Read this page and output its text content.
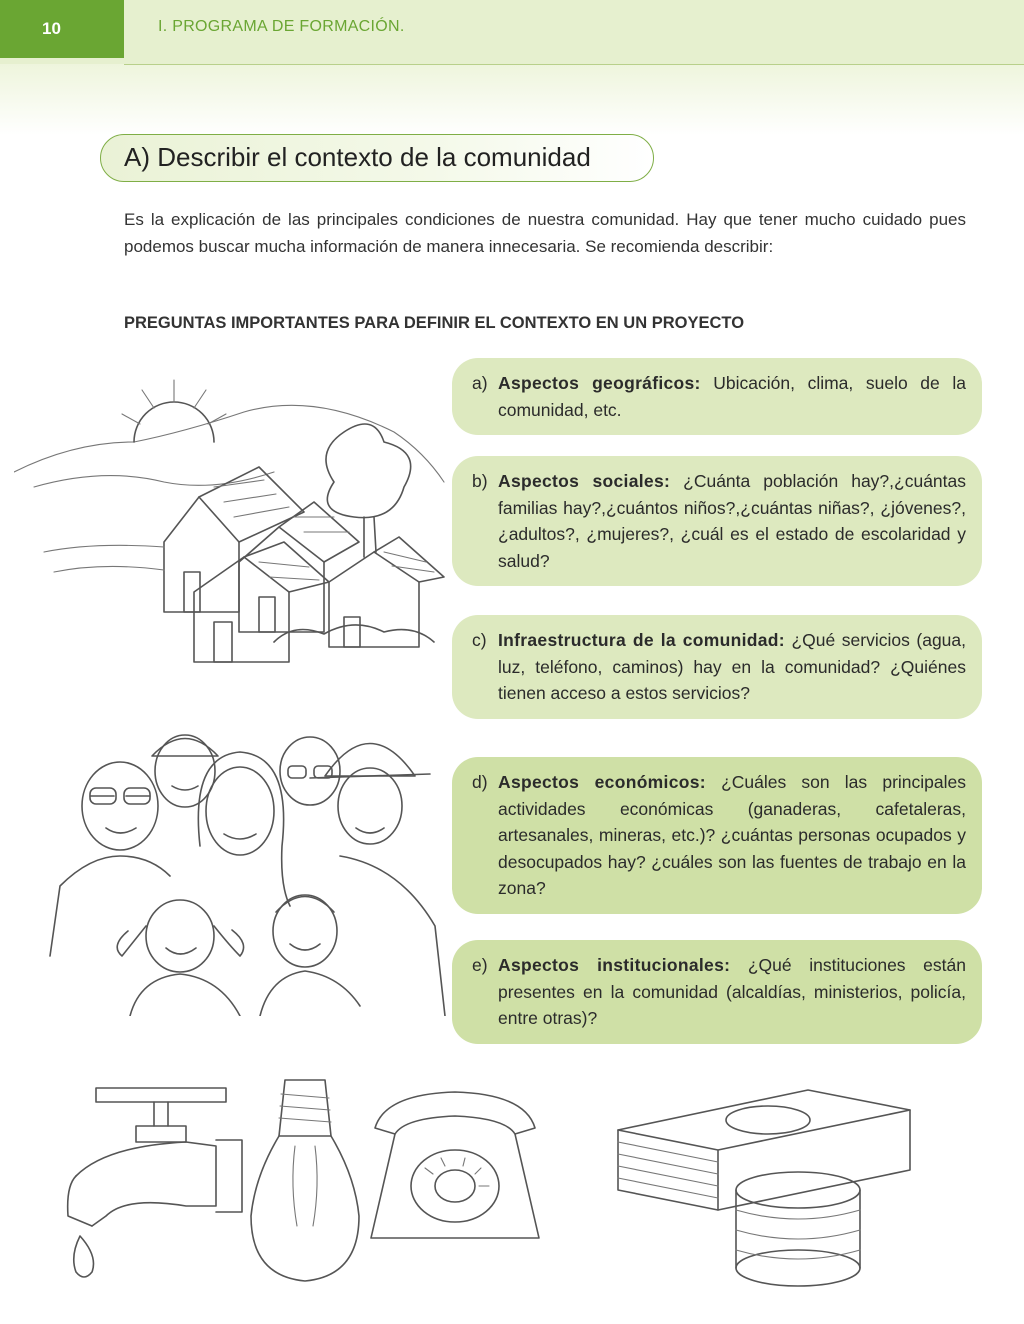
10	I. PROGRAMA DE FORMACIÓN.
A) Describir el contexto de la comunidad
Es la explicación de las principales condiciones de nuestra comunidad. Hay que tener mucho cuidado pues podemos buscar mucha información de manera innecesaria. Se recomienda describir:
PREGUNTAS IMPORTANTES PARA DEFINIR EL CONTEXTO EN UN PROYECTO
a) Aspectos geográficos: Ubicación, clima, suelo de la comunidad, etc.
b) Aspectos sociales: ¿Cuánta población hay?,¿cuántas familias hay?,¿cuántos niños?,¿cuántas niñas?, ¿jóvenes?, ¿adultos?, ¿mujeres?, ¿cuál es el estado de escolaridad y salud?
c) Infraestructura de la comunidad: ¿Qué servicios (agua, luz, teléfono, caminos) hay en la comunidad? ¿Quiénes tienen acceso a estos servicios?
d) Aspectos económicos: ¿Cuáles son las principales actividades económicas (ganaderas, cafetaleras, artesanales, mineras, etc.)? ¿cuántas personas ocupados y desocupados hay? ¿cuáles son las fuentes de trabajo en la zona?
e) Aspectos institucionales: ¿Qué instituciones están presentes en la comunidad (alcaldías, ministerios, policía, entre otras)?
